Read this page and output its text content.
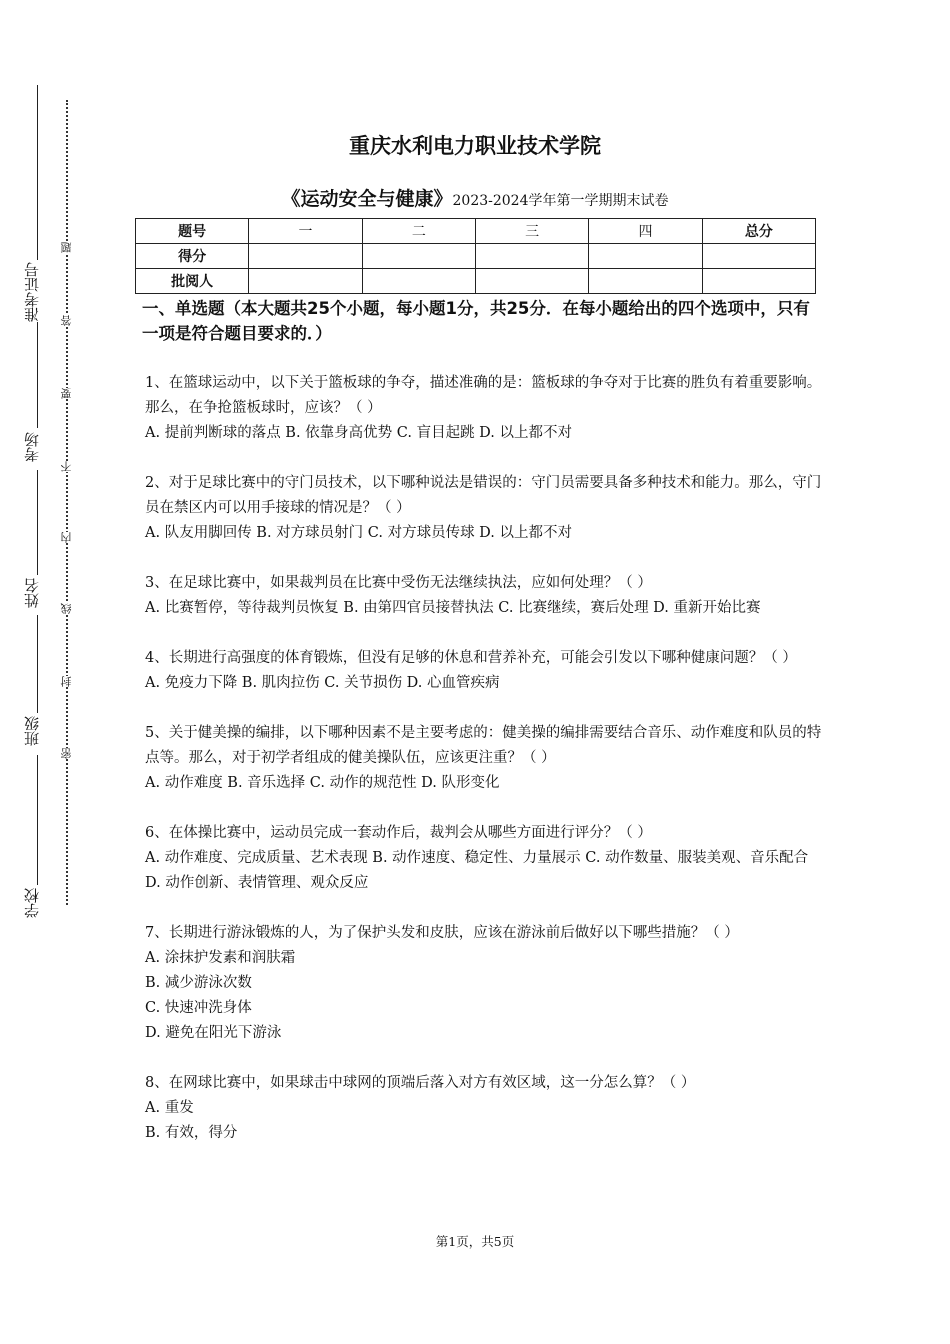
准考证号
考场
姓名
班级
学校
题
答
要
不
内
线
封
密
重庆水利电力职业技术学院
《运动安全与健康》2023-2024学年第一学期期末试卷
题号	一	二	三	四	总分
得分					
批阅人					
一、单选题（本大题共25个小题，每小题1分，共25分．在每小题给出的四个选项中，只有一项是符合题目要求的．）
1、在篮球运动中，以下关于篮板球的争夺，描述准确的是：篮板球的争夺对于比赛的胜负有着重要影响。那么，在争抢篮板球时，应该？（ ）
A. 提前判断球的落点 B. 依靠身高优势 C. 盲目起跳 D. 以上都不对
2、对于足球比赛中的守门员技术，以下哪种说法是错误的：守门员需要具备多种技术和能力。那么，守门员在禁区内可以用手接球的情况是？（ ）
A. 队友用脚回传 B. 对方球员射门 C. 对方球员传球 D. 以上都不对
3、在足球比赛中，如果裁判员在比赛中受伤无法继续执法，应如何处理？（ ）
A. 比赛暂停，等待裁判员恢复 B. 由第四官员接替执法 C. 比赛继续，赛后处理 D. 重新开始比赛
4、长期进行高强度的体育锻炼，但没有足够的休息和营养补充，可能会引发以下哪种健康问题？（ ）
A. 免疫力下降 B. 肌肉拉伤 C. 关节损伤 D. 心血管疾病
5、关于健美操的编排，以下哪种因素不是主要考虑的：健美操的编排需要结合音乐、动作难度和队员的特点等。那么，对于初学者组成的健美操队伍，应该更注重？（ ）
A. 动作难度 B. 音乐选择 C. 动作的规范性 D. 队形变化
6、在体操比赛中，运动员完成一套动作后，裁判会从哪些方面进行评分？（ ）
A. 动作难度、完成质量、艺术表现 B. 动作速度、稳定性、力量展示 C. 动作数量、服装美观、音乐配合 D. 动作创新、表情管理、观众反应
7、长期进行游泳锻炼的人，为了保护头发和皮肤，应该在游泳前后做好以下哪些措施？（ ）
A. 涂抹护发素和润肤霜
B. 减少游泳次数
C. 快速冲洗身体
D. 避免在阳光下游泳
8、在网球比赛中，如果球击中球网的顶端后落入对方有效区域，这一分怎么算？（ ）
A. 重发
B. 有效，得分
第1页，共5页
